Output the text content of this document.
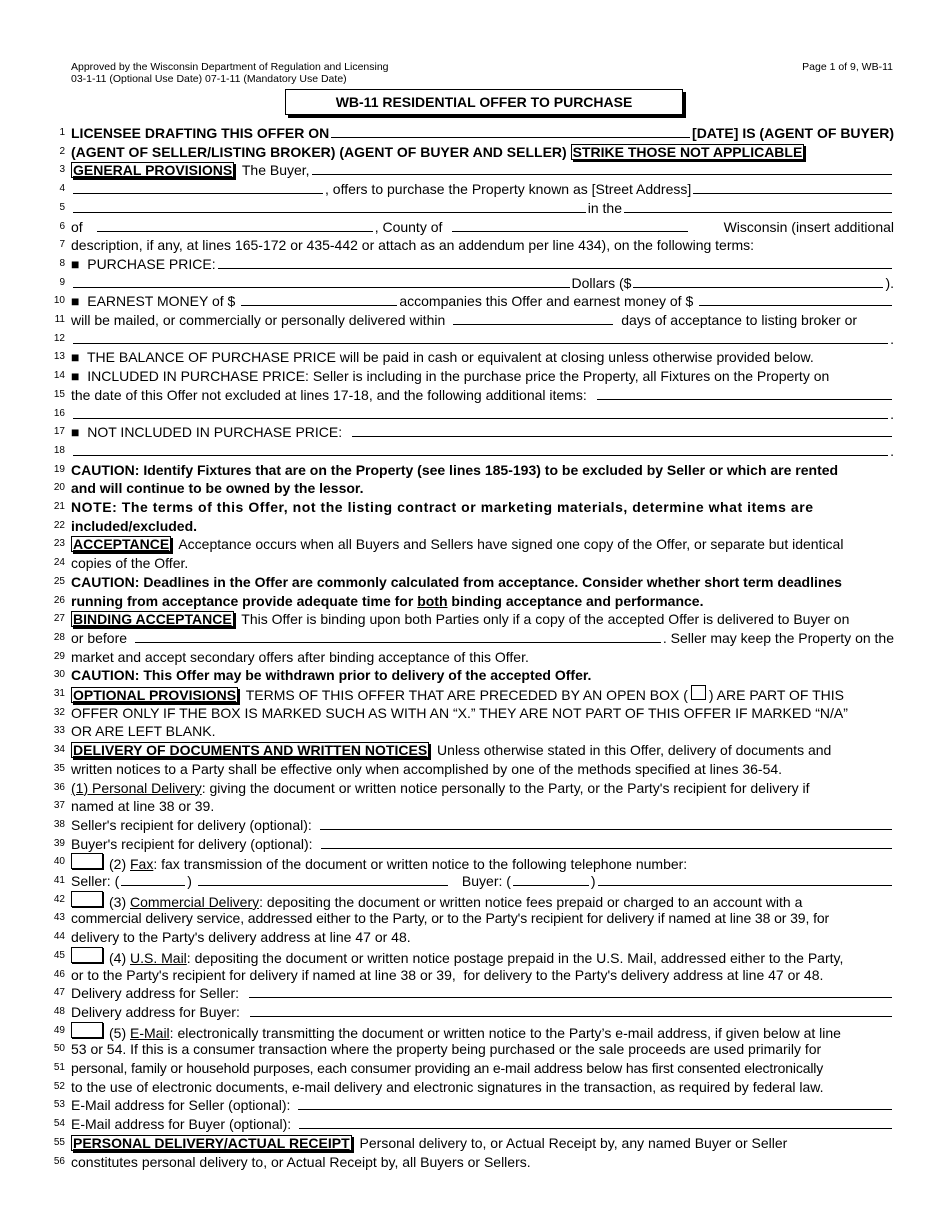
Approved by the Wisconsin Department of Regulation and Licensing
03-1-11 (Optional Use Date) 07-1-11 (Mandatory Use Date)
Page 1 of 9, WB-11
WB-11 RESIDENTIAL OFFER TO PURCHASE
1 LICENSEE DRAFTING THIS OFFER ON	[DATE] IS (AGENT OF BUYER)
2 (AGENT OF SELLER/LISTING BROKER) (AGENT OF BUYER AND SELLER) STRIKE THOSE NOT APPLICABLE
3 GENERAL PROVISIONS The Buyer,
4	, offers to purchase the Property known as [Street Address]
5	in the
6 of	, County of	Wisconsin (insert additional
7 description, if any, at lines 165-172 or 435-442 or attach as an addendum per line 434), on the following terms:
8 ■  PURCHASE PRICE:
9	Dollars ($	).
10 ■  EARNEST MONEY of $	accompanies this Offer and earnest money of $
11 will be mailed, or commercially or personally delivered within	days of acceptance to listing broker or
12	.
13 ■  THE BALANCE OF PURCHASE PRICE will be paid in cash or equivalent at closing unless otherwise provided below.
14 ■  INCLUDED IN PURCHASE PRICE: Seller is including in the purchase price the Property, all Fixtures on the Property on
15 the date of this Offer not excluded at lines 17-18, and the following additional items:
16	.
17 ■  NOT INCLUDED IN PURCHASE PRICE:
18	.
19 CAUTION: Identify Fixtures that are on the Property (see lines 185-193) to be excluded by Seller or which are rented
20 and will continue to be owned by the lessor.
21 NOTE: The terms of this Offer, not the listing contract or marketing materials, determine what items are
22 included/excluded.
23 ACCEPTANCE Acceptance occurs when all Buyers and Sellers have signed one copy of the Offer, or separate but identical
24 copies of the Offer.
25 CAUTION: Deadlines in the Offer are commonly calculated from acceptance. Consider whether short term deadlines
26 running from acceptance provide adequate time for both binding acceptance and performance.
27 BINDING ACCEPTANCE This Offer is binding upon both Parties only if a copy of the accepted Offer is delivered to Buyer on
28 or before	. Seller may keep the Property on the
29 market and accept secondary offers after binding acceptance of this Offer.
30 CAUTION: This Offer may be withdrawn prior to delivery of the accepted Offer.
31 OPTIONAL PROVISIONS TERMS OF THIS OFFER THAT ARE PRECEDED BY AN OPEN BOX ( ) ARE PART OF THIS
32 OFFER ONLY IF THE BOX IS MARKED SUCH AS WITH AN “X.” THEY ARE NOT PART OF THIS OFFER IF MARKED “N/A”
33 OR ARE LEFT BLANK.
34 DELIVERY OF DOCUMENTS AND WRITTEN NOTICES Unless otherwise stated in this Offer, delivery of documents and
35 written notices to a Party shall be effective only when accomplished by one of the methods specified at lines 36-54.
36 (1) Personal Delivery : giving the document or written notice personally to the Party, or the Party's recipient for delivery if
37 named at line 38 or 39.
38 Seller's recipient for delivery (optional):
39 Buyer's recipient for delivery (optional):
40	(2) Fax : fax transmission of the document or written notice to the following telephone number:
41 Seller: (	)	Buyer: (	)
42	(3) Commercial Delivery : depositing the document or written notice fees prepaid or charged to an account with a
43 commercial delivery service, addressed either to the Party, or to the Party's recipient for delivery if named at line 38 or 39, for
44 delivery to the Party's delivery address at line 47 or 48.
45	(4) U.S. Mail : depositing the document or written notice postage prepaid in the U.S. Mail, addressed either to the Party,
46 or to the Party's recipient for delivery if named at line 38 or 39,  for delivery to the Party's delivery address at line 47 or 48.
47 Delivery address for Seller:
48 Delivery address for Buyer:
49	(5) E-Mail : electronically transmitting the document or written notice to the Party’s e-mail address, if given below at line
50 53 or 54. If this is a consumer transaction where the property being purchased or the sale proceeds are used primarily for
51 personal, family or household purposes, each consumer providing an e-mail address below has first consented electronically
52 to the use of electronic documents, e-mail delivery and electronic signatures in the transaction, as required by federal law.
53 E-Mail address for Seller (optional):
54 E-Mail address for Buyer (optional):
55 PERSONAL DELIVERY/ACTUAL RECEIPT Personal delivery to, or Actual Receipt by, any named Buyer or Seller
56 constitutes personal delivery to, or Actual Receipt by, all Buyers or Sellers.
